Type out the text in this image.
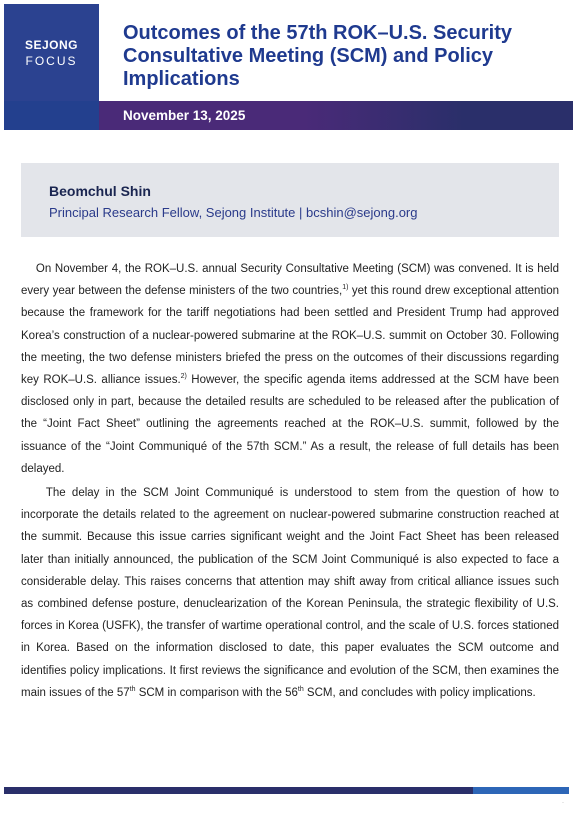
SEJONG
FOCUS
Outcomes of the 57th ROK–U.S. Security Consultative Meeting (SCM) and Policy Implications
November 13, 2025
Beomchul Shin
Principal Research Fellow, Sejong Institute | bcshin@sejong.org
On November 4, the ROK–U.S. annual Security Consultative Meeting (SCM) was convened. It is held every year between the defense ministers of the two countries,$^{1)}$ yet this round drew exceptional attention because the framework for the tariff negotiations had been settled and President Trump had approved Korea’s construction of a nuclear-powered submarine at the ROK–U.S. summit on October 30. Following the meeting, the two defense ministers briefed the press on the outcomes of their discussions regarding key ROK–U.S. alliance issues.$^{2)}$ However, the specific agenda items addressed at the SCM have been disclosed only in part, because the detailed results are scheduled to be released after the publication of the “Joint Fact Sheet” outlining the agreements reached at the ROK–U.S. summit, followed by the issuance of the “Joint Communiqué of the 57th SCM.” As a result, the release of full details has been delayed.
The delay in the SCM Joint Communiqué is understood to stem from the question of how to incorporate the details related to the agreement on nuclear-powered submarine construction reached at the summit. Because this issue carries significant weight and the Joint Fact Sheet has been released later than initially announced, the publication of the SCM Joint Communiqué is also expected to face a considerable delay. This raises concerns that attention may shift away from critical alliance issues such as combined defense posture, denuclearization of the Korean Peninsula, the strategic flexibility of U.S. forces in Korea (USFK), the transfer of wartime operational control, and the scale of U.S. forces stationed in Korea. Based on the information disclosed to date, this paper evaluates the SCM outcome and identifies policy implications. It first reviews the significance and evolution of the SCM, then examines the main issues of the 57th SCM in comparison with the 56th SCM, and concludes with policy implications.
·
